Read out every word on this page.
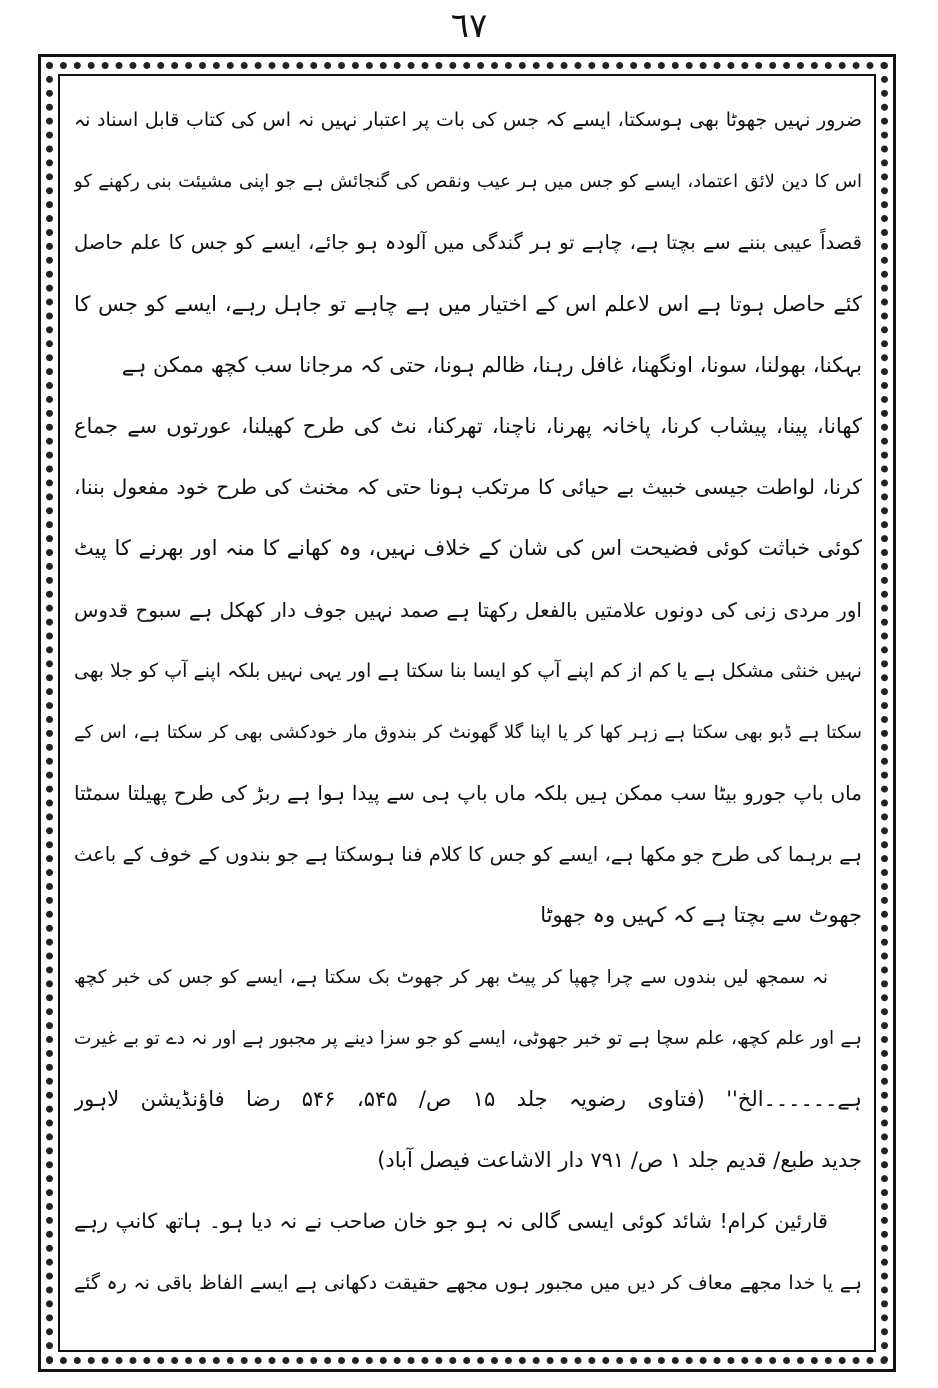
٦٧
ضرور نہیں جھوٹا بھی ہوسکتا، ایسے کہ جس کی بات پر اعتبار نہیں نہ اس کی کتاب قابل اسناد نہ
اس کا دین لائق اعتماد، ایسے کو جس میں ہر عیب ونقص کی گنجائش ہے جو اپنی مشیئت بنی رکھنے کو
قصداً عیبی بننے سے بچتا ہے، چاہے تو ہر گندگی میں آلودہ ہو جائے، ایسے کو جس کا علم حاصل
کئے حاصل ہوتا ہے اس لاعلم اس کے اختیار میں ہے چاہے تو جاہل رہے، ایسے کو جس کا
بہکنا، بھولنا، سونا، اونگھنا، غافل رہنا، ظالم ہونا، حتی کہ مرجانا سب کچھ ممکن ہے
کھانا، پینا، پیشاب کرنا، پاخانہ پھرنا، ناچنا، تھرکنا، نٹ کی طرح کھیلنا، عورتوں سے جماع
کرنا، لواطت جیسی خبیث بے حیائی کا مرتکب ہونا حتی کہ مخنث کی طرح خود مفعول بننا،
کوئی خباثت کوئی فضیحت اس کی شان کے خلاف نہیں، وہ کھانے کا منہ اور بھرنے کا پیٹ
اور مردی زنی کی دونوں علامتیں بالفعل رکھتا ہے صمد نہیں جوف دار کھکل ہے سبوح قدوس
نہیں خنثی مشکل ہے یا کم از کم اپنے آپ کو ایسا بنا سکتا ہے اور یہی نہیں بلکہ اپنے آپ کو جلا بھی
سکتا ہے ڈبو بھی سکتا ہے زہر کھا کر یا اپنا گلا گھونٹ کر بندوق مار خودکشی بھی کر سکتا ہے، اس کے
ماں باپ جورو بیٹا سب ممکن ہیں بلکہ ماں باپ ہی سے پیدا ہوا ہے ربڑ کی طرح پھیلتا سمٹتا
ہے برہما کی طرح جو مکھا ہے، ایسے کو جس کا کلام فنا ہوسکتا ہے جو بندوں کے خوف کے باعث
جھوٹ سے بچتا ہے کہ کہیں وہ جھوٹا
نہ سمجھ لیں بندوں سے چرا چھپا کر پیٹ بھر کر جھوٹ بک سکتا ہے، ایسے کو جس کی خبر کچھ
ہے اور علم کچھ، علم سچا ہے تو خبر جھوٹی، ایسے کو جو سزا دینے پر مجبور ہے اور نہ دے تو بے غیرت
ہے۔۔۔۔۔۔الخ'' (فتاوی رضویہ جلد ۱۵ ص/ ۵۴۵، ۵۴۶ رضا فاؤنڈیشن لاہور
جدید طبع/ قدیم جلد ۱ ص/ ۷۹۱ دار الاشاعت فیصل آباد)
قارئین کرام! شائد کوئی ایسی گالی نہ ہو جو خان صاحب نے نہ دیا ہو۔ ہاتھ کانپ رہے
ہے یا خدا مجھے معاف کر دیں میں مجبور ہوں مجھے حقیقت دکھانی ہے ایسے الفاظ باقی نہ رہ گئے
